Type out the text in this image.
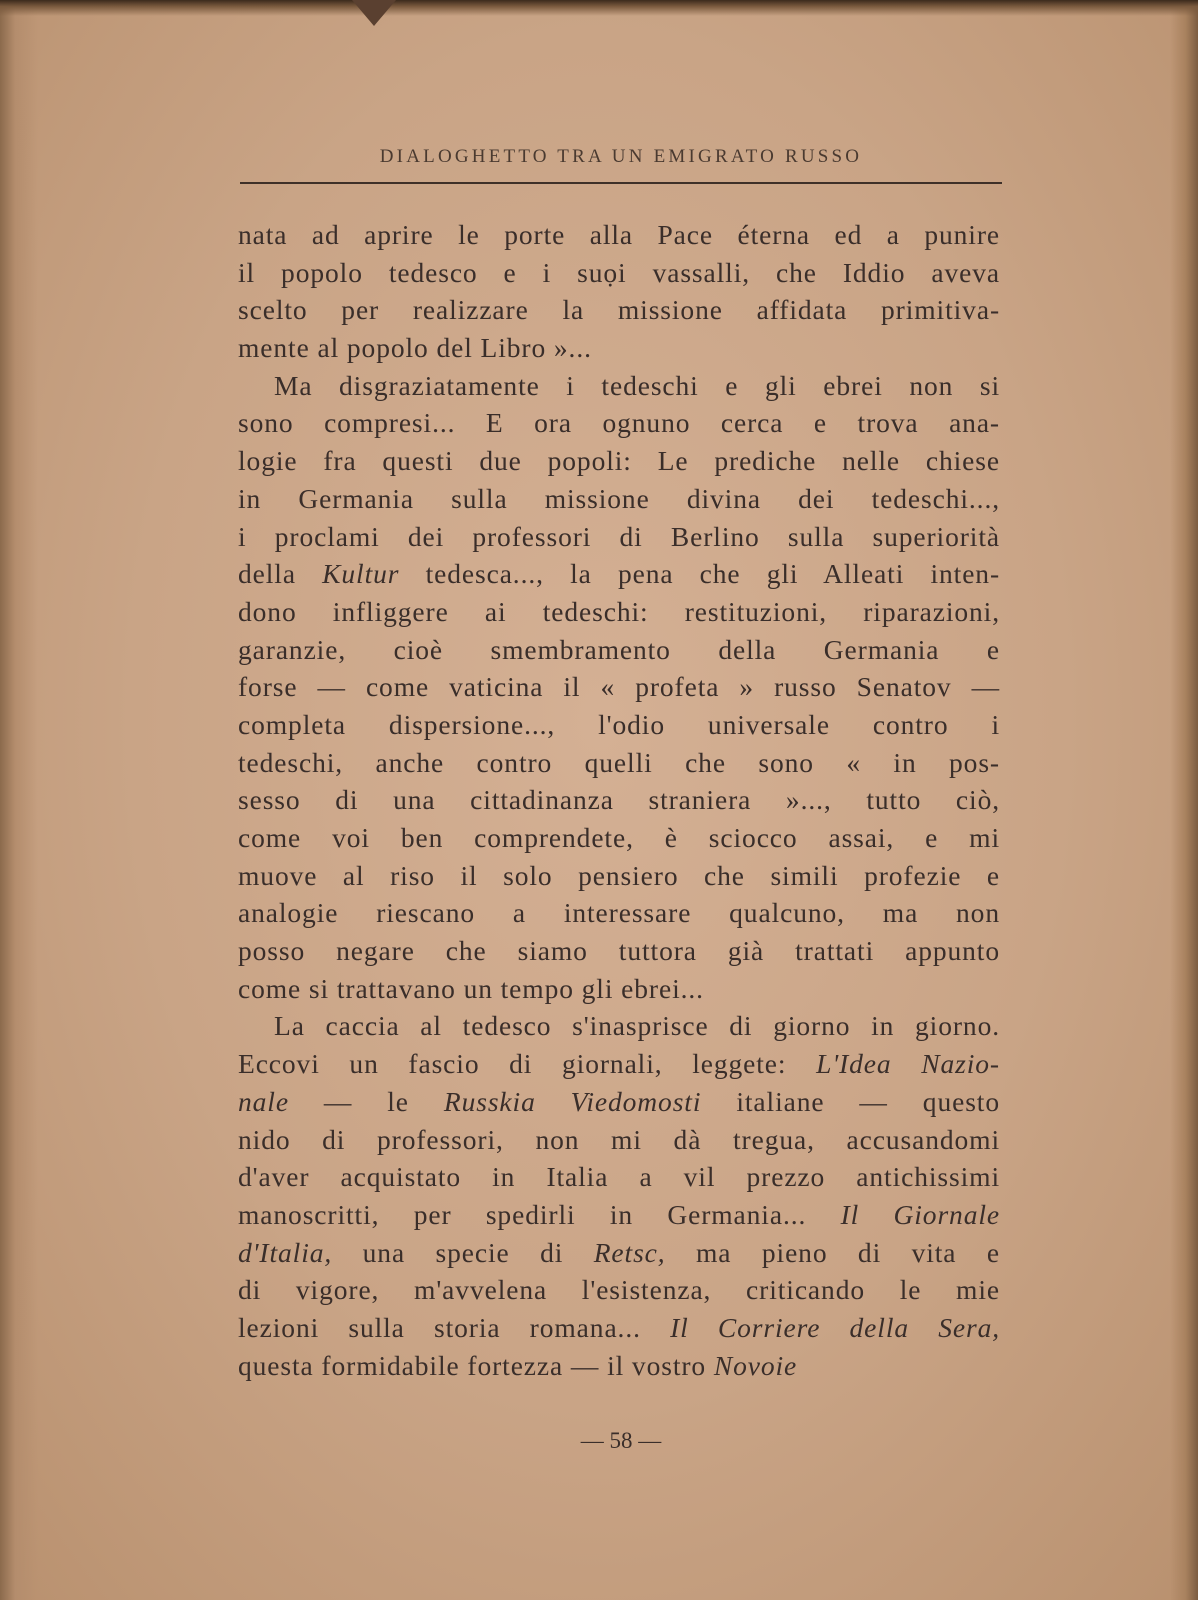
DIALOGHETTO TRA UN EMIGRATO RUSSO
nata ad aprire le porte alla Pace éterna ed a punire
il popolo tedesco e i suọi vassalli, che Iddio aveva
scelto per realizzare la missione affidata primitiva-
mente al popolo del Libro »...
Ma disgraziatamente i tedeschi e gli ebrei non si
sono compresi... E ora ognuno cerca e trova ana-
logie fra questi due popoli: Le prediche nelle chiese
in Germania sulla missione divina dei tedeschi...,
i proclami dei professori di Berlino sulla superiorità
della Kultur tedesca..., la pena che gli Alleati inten-
dono infliggere ai tedeschi: restituzioni, riparazioni,
garanzie, cioè smembramento della Germania e
forse — come vaticina il « profeta » russo Senatov —
completa dispersione..., l'odio universale contro i
tedeschi, anche contro quelli che sono « in pos-
sesso di una cittadinanza straniera »..., tutto ciò,
come voi ben comprendete, è sciocco assai, e mi
muove al riso il solo pensiero che simili profezie e
analogie riescano a interessare qualcuno, ma non
posso negare che siamo tuttora già trattati appunto
come si trattavano un tempo gli ebrei...
La caccia al tedesco s'inasprisce di giorno in giorno.
Eccovi un fascio di giornali, leggete: L'Idea Nazio-
nale — le Russkia Viedomosti italiane — questo
nido di professori, non mi dà tregua, accusandomi
d'aver acquistato in Italia a vil prezzo antichissimi
manoscritti, per spedirli in Germania... Il Giornale
d'Italia, una specie di Retsc, ma pieno di vita e
di vigore, m'avvelena l'esistenza, criticando le mie
lezioni sulla storia romana... Il Corriere della Sera,
questa formidabile fortezza — il vostro Novoie
— 58 —
